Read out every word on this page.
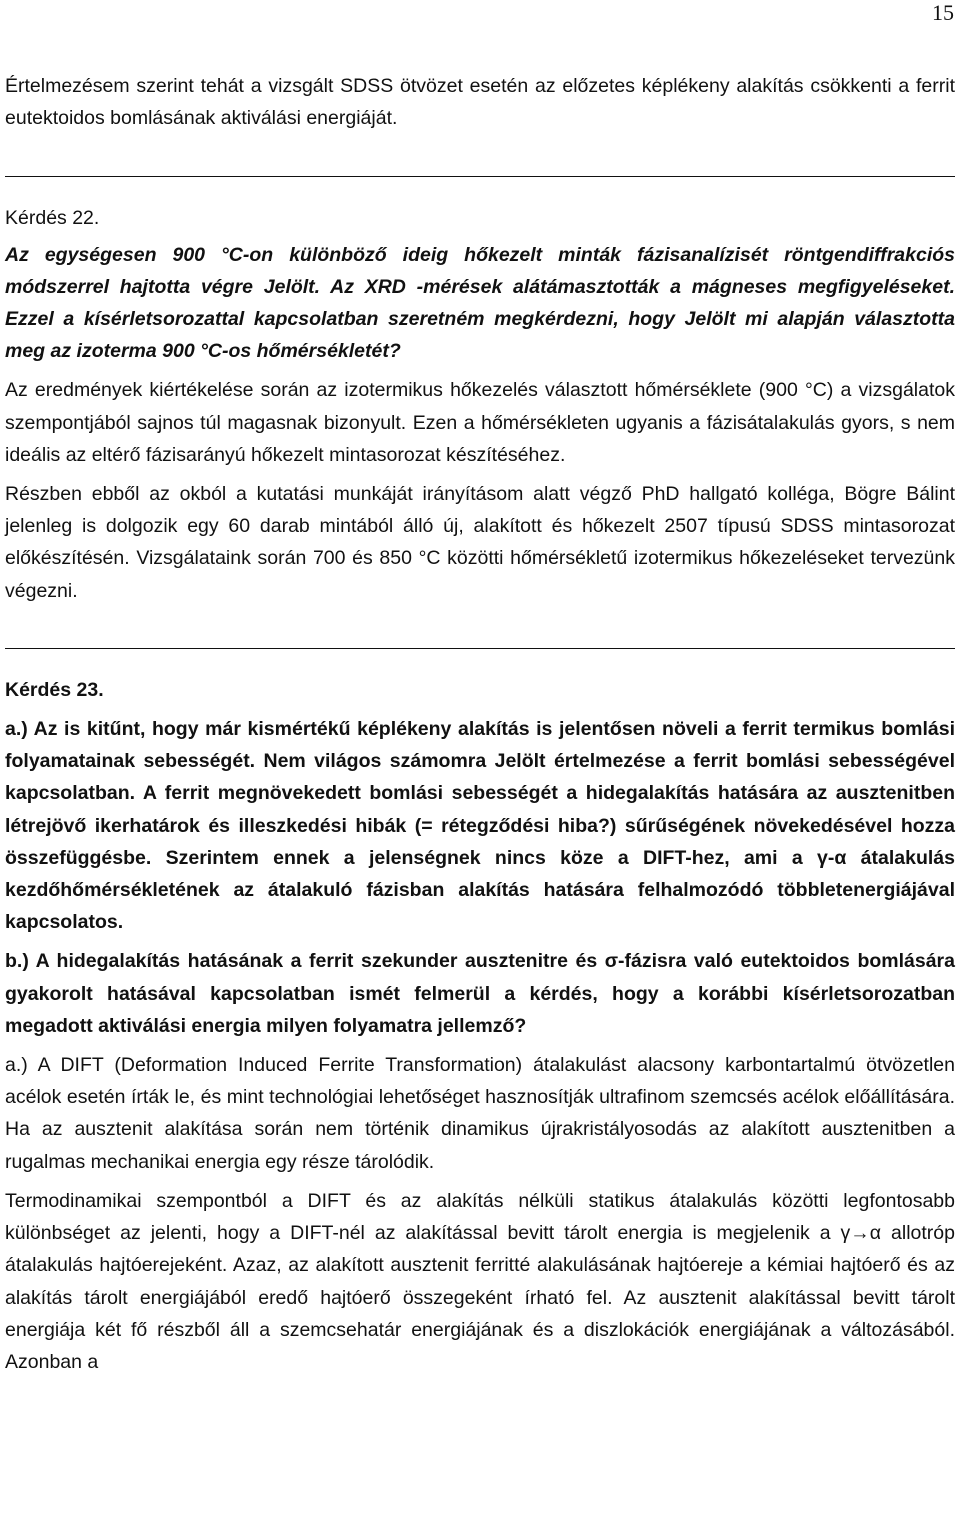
15

Értelmezésem szerint tehát a vizsgált SDSS ötvözet esetén az előzetes képlékeny alakítás csökkenti a ferrit eutektoidos bomlásának aktiválási energiáját.

Kérdés 22.

Az egységesen 900 °C-on különböző ideig hőkezelt minták fázisanalízisét röntgendiffrakciós módszerrel hajtotta végre Jelölt. Az XRD -mérések alátámasztották a mágneses megfigyeléseket. Ezzel a kísérletsorozattal kapcsolatban szeretném megkérdezni, hogy Jelölt mi alapján választotta meg az izoterma 900 °C-os hőmérsékletét?

Az eredmények kiértékelése során az izotermikus hőkezelés választott hőmérséklete (900 °C) a vizsgálatok szempontjából sajnos túl magasnak bizonyult. Ezen a hőmérsékleten ugyanis a fázisátalakulás gyors, s nem ideális az eltérő fázisarányú hőkezelt mintasorozat készítéséhez.

Részben ebből az okból a kutatási munkáját irányításom alatt végző PhD hallgató kolléga, Bögre Bálint jelenleg is dolgozik egy 60 darab mintából álló új, alakított és hőkezelt 2507 típusú SDSS mintasorozat előkészítésén. Vizsgálataink során 700 és 850 °C közötti hőmérsékletű izotermikus hőkezeléseket tervezünk végezni.

Kérdés 23.

a.) Az is kitűnt, hogy már kismértékű képlékeny alakítás is jelentősen növeli a ferrit termikus bomlási folyamatainak sebességét. Nem világos számomra Jelölt értelmezése a ferrit bomlási sebességével kapcsolatban. A ferrit megnövekedett bomlási sebességét a hidegalakítás hatására az ausztenitben létrejövő ikerhatárok és illeszkedési hibák (= rétegződési hiba?) sűrűségének növekedésével hozza összefüggésbe. Szerintem ennek a jelenségnek nincs köze a DIFT-hez, ami a γ-α átalakulás kezdőhőmérsékletének az átalakuló fázisban alakítás hatására felhalmozódó többletenergiájával kapcsolatos.

b.) A hidegalakítás hatásának a ferrit szekunder ausztenitre és σ-fázisra való eutektoidos bomlására gyakorolt hatásával kapcsolatban ismét felmerül a kérdés, hogy a korábbi kísérletsorozatban megadott aktiválási energia milyen folyamatra jellemző?

a.) A DIFT (Deformation Induced Ferrite Transformation) átalakulást alacsony karbontartalmú ötvözetlen acélok esetén írták le, és mint technológiai lehetőséget hasznosítják ultrafinom szemcsés acélok előállítására. Ha az ausztenit alakítása során nem történik dinamikus újrakristályosodás az alakított ausztenitben a rugalmas mechanikai energia egy része tárolódik.

Termodinamikai szempontból a DIFT és az alakítás nélküli statikus átalakulás közötti legfontosabb különbséget az jelenti, hogy a DIFT-nél az alakítással bevitt tárolt energia is megjelenik a γ→α allotróp átalakulás hajtóerejeként. Azaz, az alakított ausztenit ferritté alakulásának hajtóereje a kémiai hajtóerő és az alakítás tárolt energiájából eredő hajtóerő összegeként írható fel. Az ausztenit alakítással bevitt tárolt energiája két fő részből áll a szemcsehatár energiájának és a diszlokációk energiájának a változásából. Azonban a
